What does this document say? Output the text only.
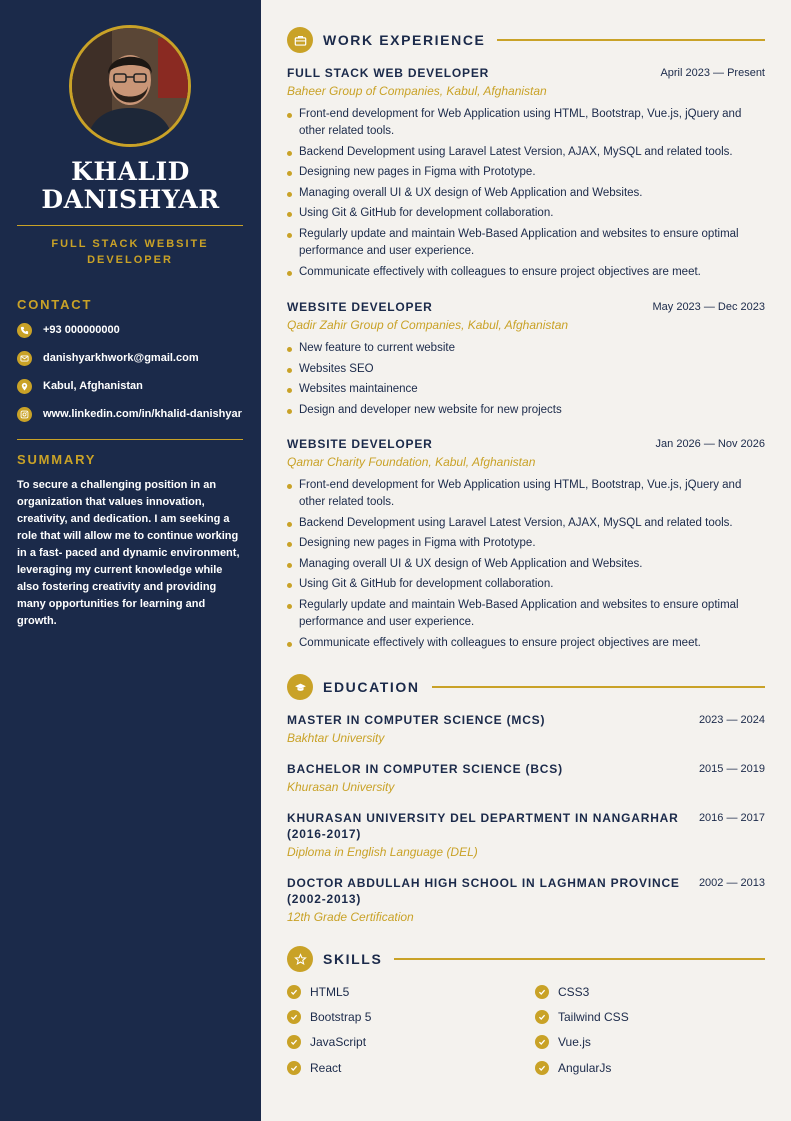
KHALID
DANISHYAR
FULL STACK WEBSITE
DEVELOPER
CONTACT
+93 000000000
danishyarkhwork@gmail.com
Kabul, Afghanistan
www.linkedin.com/in/khalid-danishyar
SUMMARY
To secure a challenging position in an organization that values innovation, creativity, and dedication. I am seeking a role that will allow me to continue working in a fast- paced and dynamic environment, leveraging my current knowledge while also fostering creativity and providing many opportunities for learning and growth.
WORK EXPERIENCE
FULL STACK WEB DEVELOPER	April 2023 — Present
Baheer Group of Companies, Kabul, Afghanistan
Front-end development for Web Application using HTML, Bootstrap, Vue.js, jQuery and other related tools.
Backend Development using Laravel Latest Version, AJAX, MySQL and related tools.
Designing new pages in Figma with Prototype.
Managing overall UI & UX design of Web Application and Websites.
Using Git & GitHub for development collaboration.
Regularly update and maintain Web-Based Application and websites to ensure optimal performance and user experience.
Communicate effectively with colleagues to ensure project objectives are meet.
WEBSITE DEVELOPER	May 2023 — Dec 2023
Qadir Zahir Group of Companies, Kabul, Afghanistan
New feature to current website
Websites SEO
Websites maintainence
Design and developer new website for new projects
WEBSITE DEVELOPER	Jan 2026 — Nov 2026
Qamar Charity Foundation, Kabul, Afghanistan
Front-end development for Web Application using HTML, Bootstrap, Vue.js, jQuery and other related tools.
Backend Development using Laravel Latest Version, AJAX, MySQL and related tools.
Designing new pages in Figma with Prototype.
Managing overall UI & UX design of Web Application and Websites.
Using Git & GitHub for development collaboration.
Regularly update and maintain Web-Based Application and websites to ensure optimal performance and user experience.
Communicate effectively with colleagues to ensure project objectives are meet.
EDUCATION
MASTER IN COMPUTER SCIENCE (MCS)	2023 — 2024
Bakhtar University
BACHELOR IN COMPUTER SCIENCE (BCS)	2015 — 2019
Khurasan University
KHURASAN UNIVERSITY DEL DEPARTMENT IN NANGARHAR (2016-2017)
2016 — 2017
Diploma in English Language (DEL)
DOCTOR ABDULLAH HIGH SCHOOL IN LAGHMAN PROVINCE (2002-2013)
2002 — 2013
12th Grade Certification
SKILLS
HTML5	CSS3
Bootstrap 5	Tailwind CSS
JavaScript	Vue.js
React	AngularJs
